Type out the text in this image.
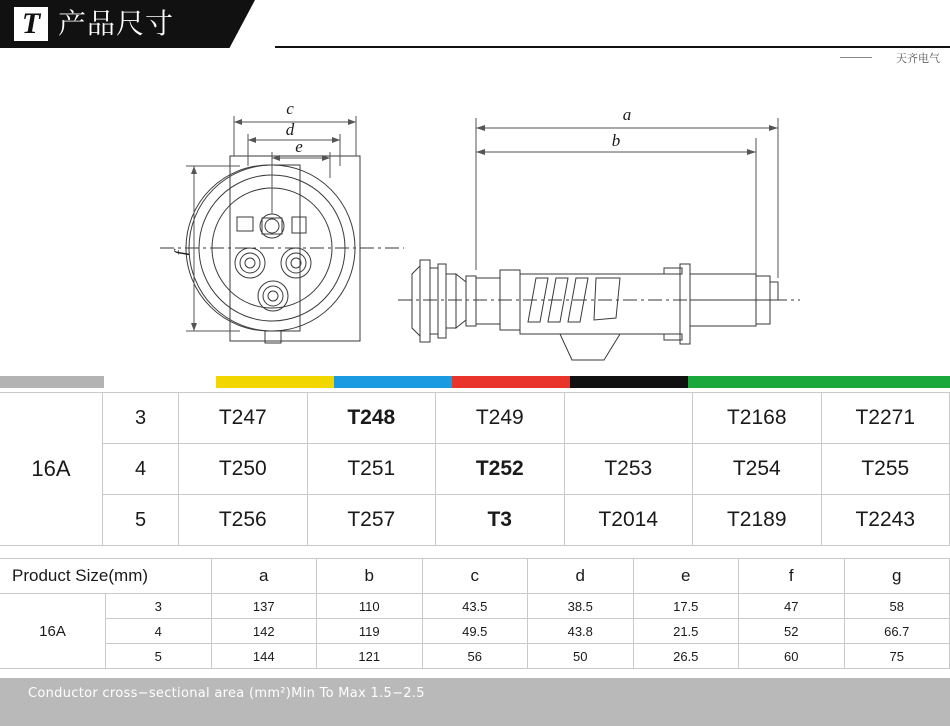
T 产品尺寸
天齐电气
c
d
e
f
a
b
16A	3	T247	T248	T249		T2168	T2271
	4	T250	T251	T252	T253	T254	T255
	5	T256	T257	T3	T2014	T2189	T2243
Product Size(mm)		a	b	c	d	e	f	g
16A	3	137	110	43.5	38.5	17.5	47	58
	4	142	119	49.5	43.8	21.5	52	66.7
	5	144	121	56	50	26.5	60	75
Conductor cross−sectional area (mm²)Min To Max 1.5−2.5
